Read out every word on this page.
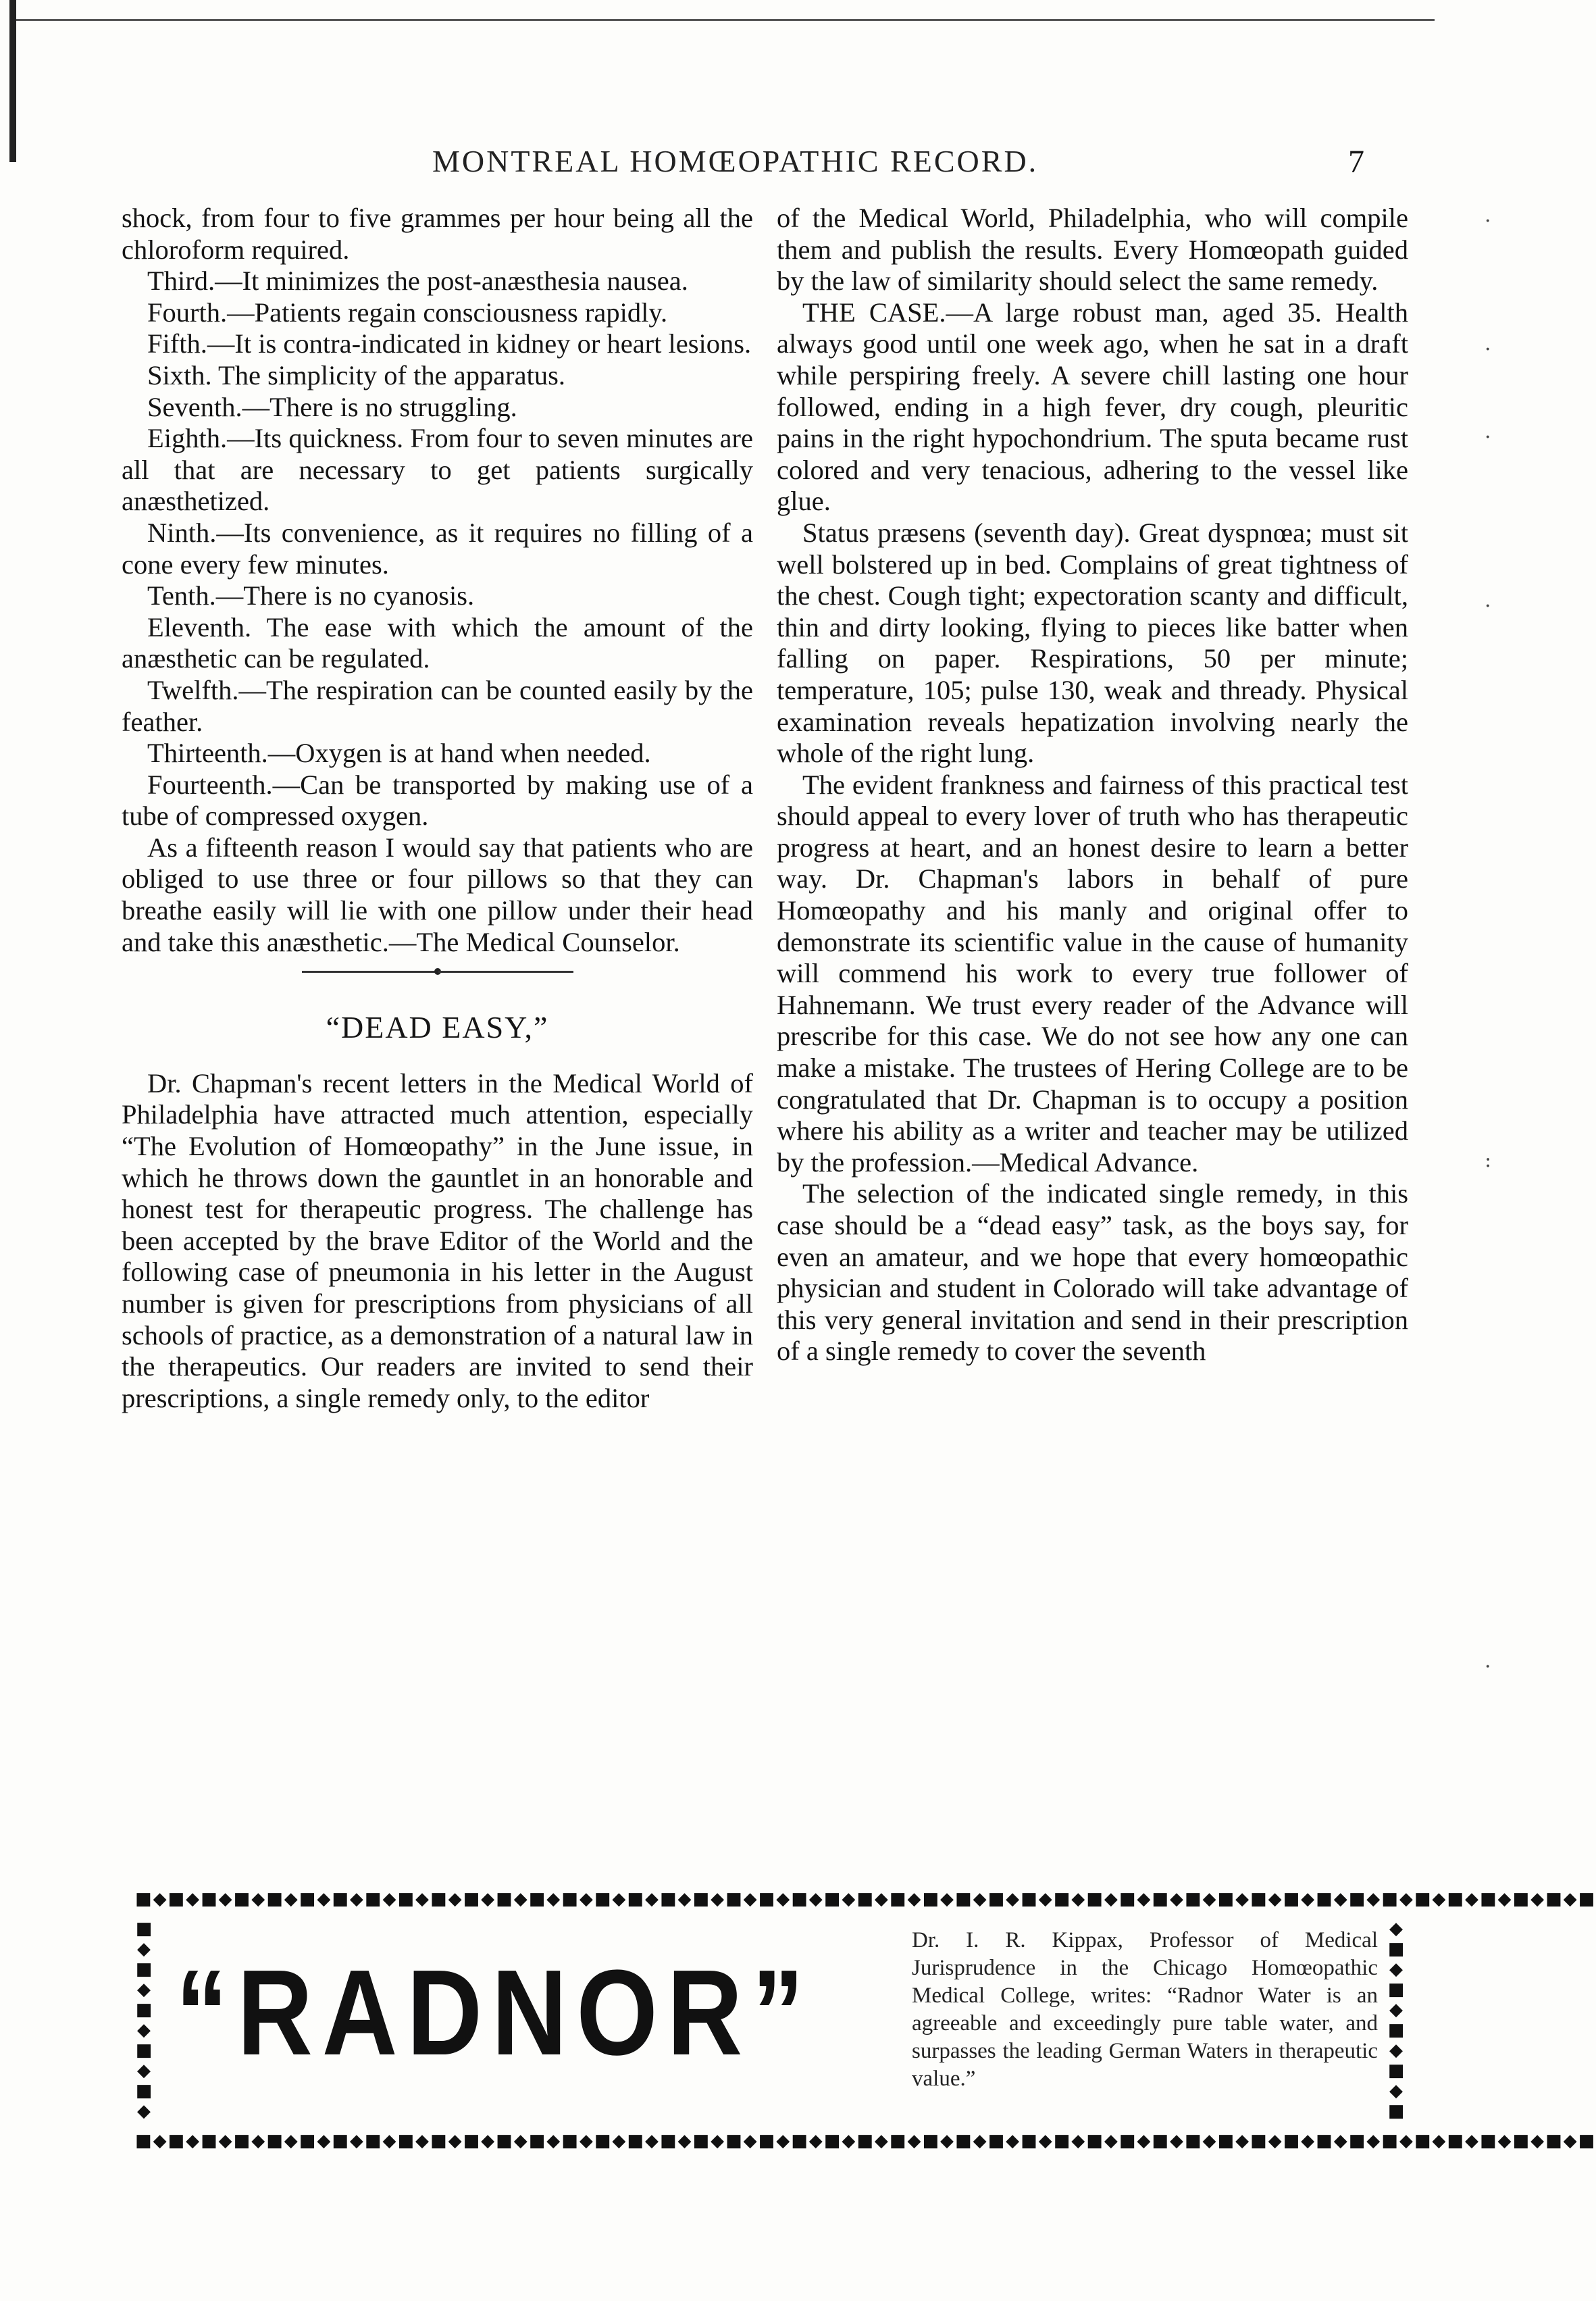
MONTREAL HOMŒOPATHIC RECORD.	7

shock, from four to five grammes per hour being all the chloroform required.

Third.—It minimizes the post-anæsthesia nausea.

Fourth.—Patients regain consciousness rapidly.

Fifth.—It is contra-indicated in kidney or heart lesions.

Sixth. The simplicity of the apparatus.

Seventh.—There is no struggling.

Eighth.—Its quickness. From four to seven minutes are all that are necessary to get patients surgically anæsthetized.

Ninth.—Its convenience, as it requires no filling of a cone every few minutes.

Tenth.—There is no cyanosis.

Eleventh. The ease with which the amount of the anæsthetic can be regulated.

Twelfth.—The respiration can be counted easily by the feather.

Thirteenth.—Oxygen is at hand when needed.

Fourteenth.—Can be transported by making use of a tube of compressed oxygen.

As a fifteenth reason I would say that patients who are obliged to use three or four pillows so that they can breathe easily will lie with one pillow under their head and take this anæsthetic.—The Medical Counselor.

“DEAD EASY,”

Dr. Chapman's recent letters in the Medical World of Philadelphia have attracted much attention, especially “The Evolution of Homœopathy” in the June issue, in which he throws down the gauntlet in an honorable and honest test for therapeutic progress. The challenge has been accepted by the brave Editor of the World and the following case of pneumonia in his letter in the August number is given for prescriptions from physicians of all schools of practice, as a demonstration of a natural law in the therapeutics. Our readers are invited to send their prescriptions, a single remedy only, to the editor

of the Medical World, Philadelphia, who will compile them and publish the results. Every Homœopath guided by the law of similarity should select the same remedy.

THE CASE.—A large robust man, aged 35. Health always good until one week ago, when he sat in a draft while perspiring freely. A severe chill lasting one hour followed, ending in a high fever, dry cough, pleuritic pains in the right hypochondrium. The sputa became rust colored and very tenacious, adhering to the vessel like glue.

Status præsens (seventh day). Great dyspnœa; must sit well bolstered up in bed. Complains of great tightness of the chest. Cough tight; expectoration scanty and difficult, thin and dirty looking, flying to pieces like batter when falling on paper. Respirations, 50 per minute; temperature, 105; pulse 130, weak and thready. Physical examination reveals hepatization involving nearly the whole of the right lung.

The evident frankness and fairness of this practical test should appeal to every lover of truth who has therapeutic progress at heart, and an honest desire to learn a better way. Dr. Chapman's labors in behalf of pure Homœopathy and his manly and original offer to demonstrate its scientific value in the cause of humanity will commend his work to every true follower of Hahnemann. We trust every reader of the Advance will prescribe for this case. We do not see how any one can make a mistake. The trustees of Hering College are to be congratulated that Dr. Chapman is to occupy a position where his ability as a writer and teacher may be utilized by the profession.—Medical Advance.

The selection of the indicated single remedy, in this case should be a “dead easy” task, as the boys say, for even an amateur, and we hope that every homœopathic physician and student in Colorado will take advantage of this very general invitation and send in their prescription of a single remedy to cover the seventh

·
·
·
·
:
·
■◆■◆■◆■◆■◆■◆■◆■◆■◆■◆■◆■◆■◆■◆■◆■◆■◆■◆■◆■◆■◆■◆■◆■◆■◆■◆■◆■◆■◆■◆■◆■◆■◆■◆■◆■◆■◆■◆■◆■◆■◆■◆■◆■◆■
■
◆
■
◆
■
◆
■
◆
■
◆
◆
■
◆
■
◆
■
◆
■
◆
■
“RADNOR”
Dr. I. R. Kippax, Professor of Medical Jurisprudence in the Chicago Homœopathic Medical College, writes: “Radnor Water is an agreeable and exceedingly pure table water, and surpasses the leading German Waters in therapeutic value.”
■◆■◆■◆■◆■◆■◆■◆■◆■◆■◆■◆■◆■◆■◆■◆■◆■◆■◆■◆■◆■◆■◆■◆■◆■◆■◆■◆■◆■◆■◆■◆■◆■◆■◆■◆■◆■◆■◆■◆■◆■◆■◆■◆■◆■
